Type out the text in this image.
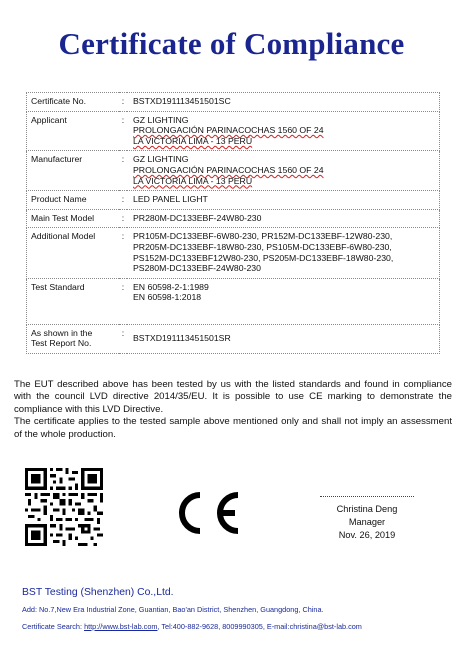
Certificate of Compliance
Certificate No.	:	BSTXD191113451501SC

Applicant	:	GZ LIGHTING
PROLONGACIÓN PARINACOCHAS 1560 OF 24
LA VICTORIA LIMA - 13 PERÚ

Manufacturer	:	GZ LIGHTING
PROLONGACIÓN PARINACOCHAS 1560 OF 24
LA VICTORIA LIMA - 13 PERÚ

Product Name	:	LED PANEL LIGHT

Main Test Model	:	PR280M-DC133EBF-24W80-230

Additional Model	:	PR105M-DC133EBF-6W80-230, PR152M-DC133EBF-12W80-230,
PR205M-DC133EBF-18W80-230, PS105M-DC133EBF-6W80-230,
PS152M-DC133EBF12W80-230, PS205M-DC133EBF-18W80-230,
PS280M-DC133EBF-24W80-230

Test Standard	:	EN 60598-2-1:1989
EN 60598-1:2018

As shown in the
Test Report No.	:	BSTXD191113451501SR

The EUT described above has been tested by us with the listed standards and found in compliance with the council LVD directive 2014/35/EU. It is possible to use CE marking to demonstrate the compliance with this LVD Directive.

The certificate applies to the tested sample above mentioned only and shall not imply an assessment of the whole production.

Christina Deng
Manager
Nov. 26, 2019
BST Testing (Shenzhen) Co.,Ltd.
Add: No.7,New Era Industrial Zone, Guantian, Bao'an District, Shenzhen, Guangdong, China.
Certificate Search: http://www.bst-lab.com, Tel:400-882-9628, 8009990305, E-mail:christina@bst-lab.com
